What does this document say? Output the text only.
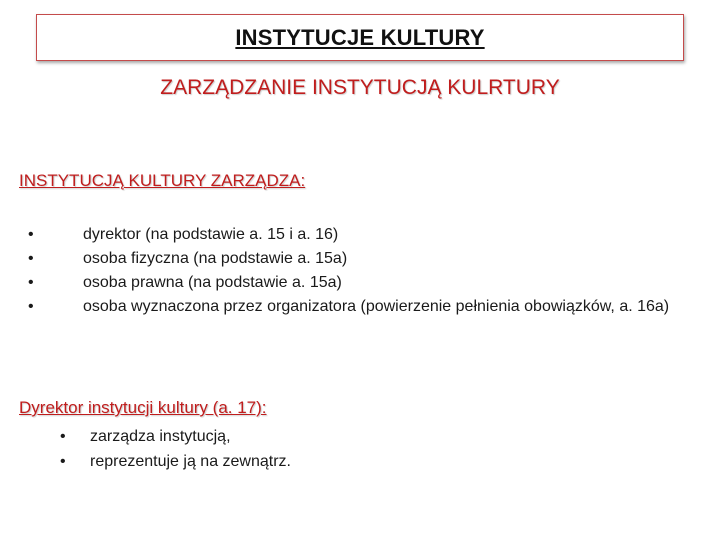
INSTYTUCJE KULTURY
ZARZĄDZANIE INSTYTUCJĄ KULRTURY
INSTYTUCJĄ KULTURY ZARZĄDZA:
•	dyrektor (na podstawie a. 15 i a. 16)
•	osoba fizyczna (na podstawie a. 15a)
•	osoba prawna (na podstawie a. 15a)
•	osoba wyznaczona przez organizatora (powierzenie pełnienia obowiązków, a. 16a)
Dyrektor instytucji kultury (a. 17):
•	zarządza instytucją,
•	reprezentuje ją na zewnątrz.
